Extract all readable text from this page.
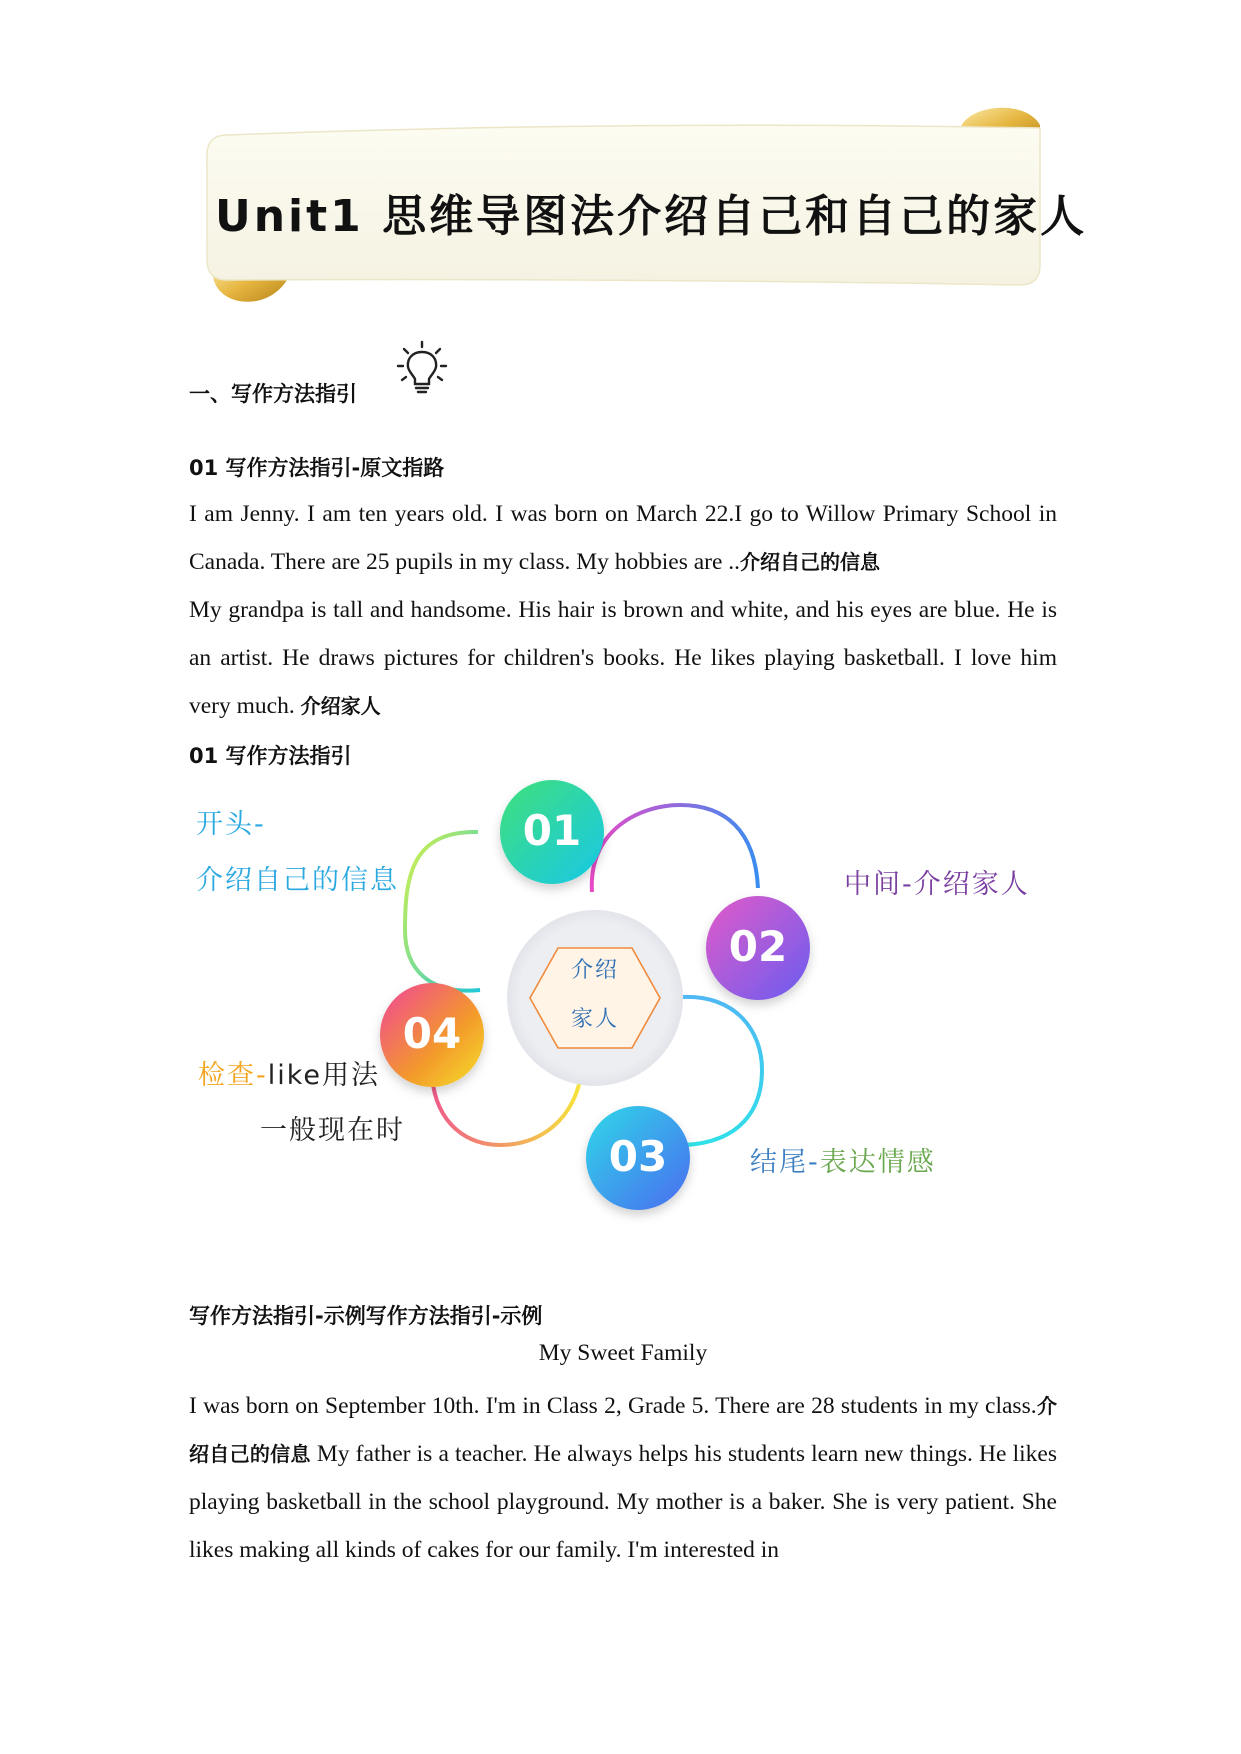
Unit1 思维导图法介绍自己和自己的家人
一、写作方法指引
01 写作方法指引-原文指路
I am Jenny. I am ten years old. I was born on March 22.I go to Willow Primary School in Canada. There are 25 pupils in my class. My hobbies are ..介绍自己的信息
My grandpa is tall and handsome. His hair is brown and white, and his eyes are blue. He is an artist. He draws pictures for children's books. He likes playing basketball. I love him very much. 介绍家人
01 写作方法指引
01
02
03
04
介绍
家人
开头-
介绍自己的信息	中间-介绍家人
结尾-表达情感
检查-like用法
一般现在时
写作方法指引-示例写作方法指引-示例
My Sweet Family
I was born on September 10th. I'm in Class 2, Grade 5. There are 28 students in my class.介绍自己的信息 My father is a teacher. He always helps his students learn new things. He likes playing basketball in the school playground. My mother is a baker. She is very patient. She likes making all kinds of cakes for our family. I'm interested in
